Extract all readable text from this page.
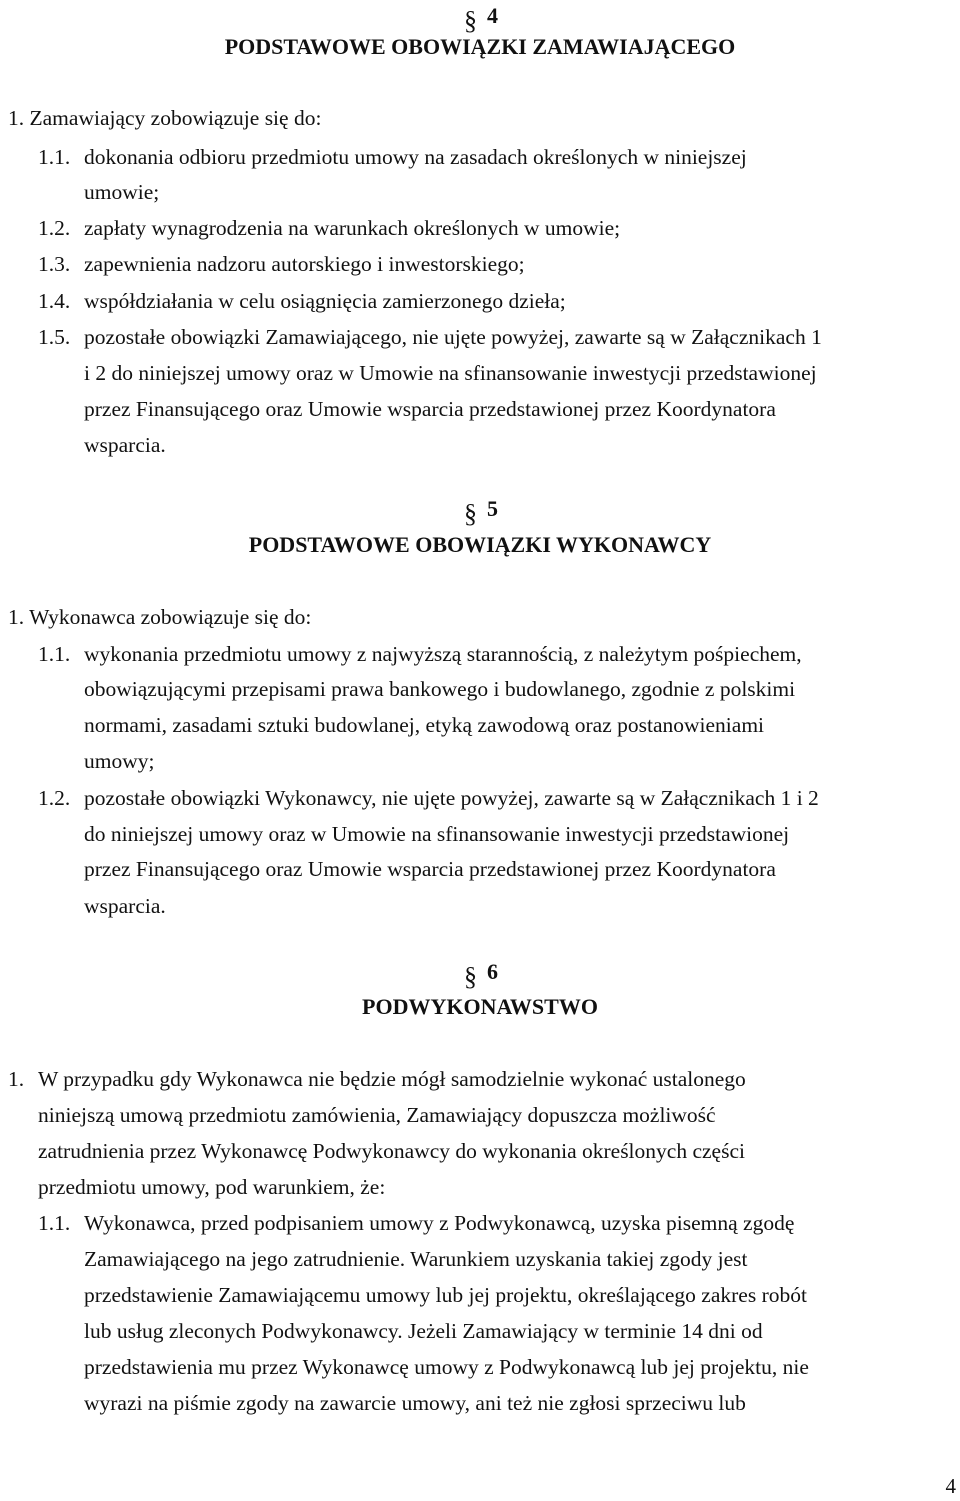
§ 4
PODSTAWOWE OBOWIĄZKI ZAMAWIAJĄCEGO
1. Zamawiający zobowiązuje się do:
1.1. dokonania odbioru przedmiotu umowy na zasadach określonych w niniejszej
umowie;
1.2. zapłaty wynagrodzenia na warunkach określonych w umowie;
1.3. zapewnienia nadzoru autorskiego i inwestorskiego;
1.4. współdziałania w celu osiągnięcia zamierzonego dzieła;
1.5. pozostałe obowiązki Zamawiającego, nie ujęte powyżej, zawarte są w Załącznikach 1
i 2 do niniejszej umowy oraz w Umowie na sfinansowanie inwestycji przedstawionej
przez Finansującego oraz Umowie wsparcia przedstawionej przez Koordynatora
wsparcia.
§ 5
PODSTAWOWE OBOWIĄZKI WYKONAWCY
1. Wykonawca zobowiązuje się do:
1.1. wykonania przedmiotu umowy z najwyższą starannością, z należytym pośpiechem,
obowiązującymi przepisami prawa bankowego i budowlanego, zgodnie z polskimi
normami, zasadami sztuki budowlanej, etyką zawodową oraz postanowieniami
umowy;
1.2. pozostałe obowiązki Wykonawcy, nie ujęte powyżej, zawarte są w Załącznikach 1 i 2
do niniejszej umowy oraz w Umowie na sfinansowanie inwestycji przedstawionej
przez Finansującego oraz Umowie wsparcia przedstawionej przez Koordynatora
wsparcia.
§ 6
PODWYKONAWSTWO
1. W przypadku gdy Wykonawca nie będzie mógł samodzielnie wykonać ustalonego
niniejszą umową przedmiotu zamówienia, Zamawiający dopuszcza możliwość
zatrudnienia przez Wykonawcę Podwykonawcy do wykonania określonych części
przedmiotu umowy, pod warunkiem, że:
1.1. Wykonawca, przed podpisaniem umowy z Podwykonawcą, uzyska pisemną zgodę
Zamawiającego na jego zatrudnienie. Warunkiem uzyskania takiej zgody jest
przedstawienie Zamawiającemu umowy lub jej projektu, określającego zakres robót
lub usług zleconych Podwykonawcy. Jeżeli Zamawiający w terminie 14 dni od
przedstawienia mu przez Wykonawcę umowy z Podwykonawcą lub jej projektu, nie
wyrazi na piśmie zgody na zawarcie umowy, ani też nie zgłosi sprzeciwu lub
4
